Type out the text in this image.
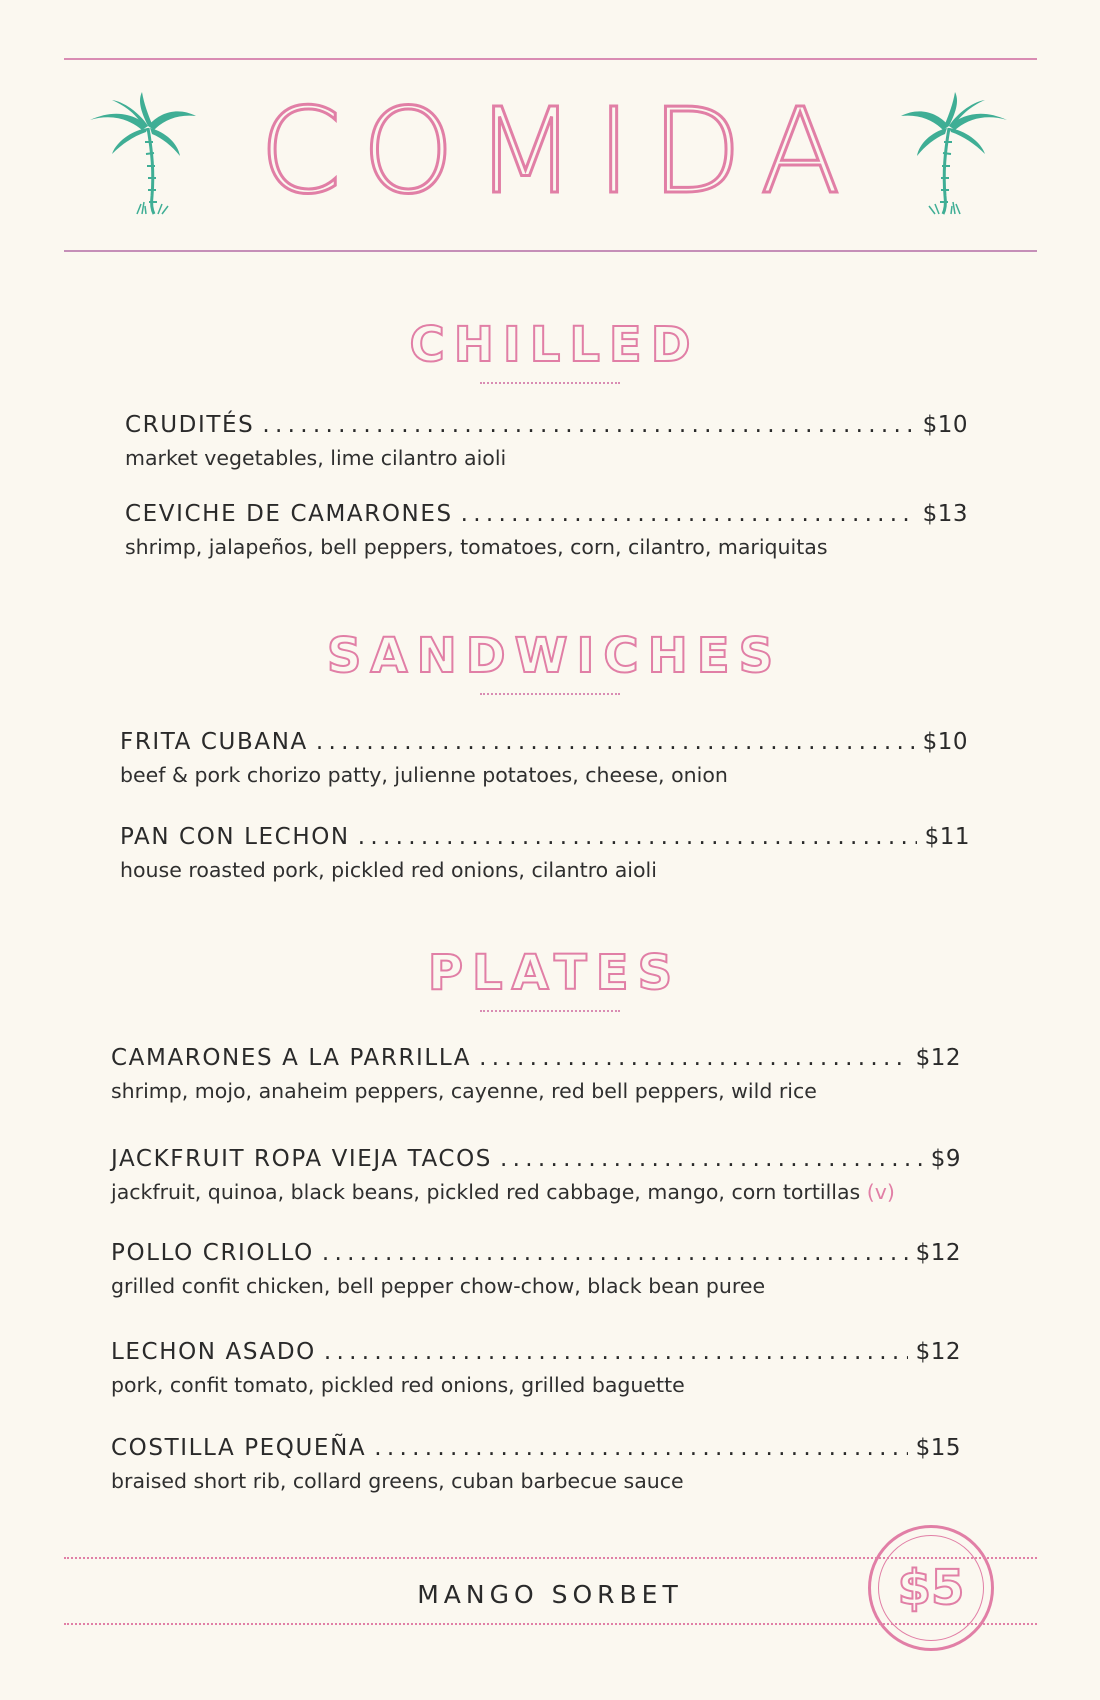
COMIDA
CHILLED
CRUDITÉS . . .	$10
market vegetables, lime cilantro aioli
CEVICHE DE CAMARONES . . .	$13
shrimp, jalapeños, bell peppers, tomatoes, corn, cilantro, mariquitas
SANDWICHES
FRITA CUBANA . . .	$10
beef & pork chorizo patty, julienne potatoes, cheese, onion
PAN CON LECHON . . .	$11
house roasted pork, pickled red onions, cilantro aioli
PLATES
CAMARONES A LA PARRILLA . . .	$12
shrimp, mojo, anaheim peppers, cayenne, red bell peppers, wild rice
JACKFRUIT ROPA VIEJA TACOS . . .	$9
jackfruit, quinoa, black beans, pickled red cabbage, mango, corn tortillas (v)
POLLO CRIOLLO . . .	$12
grilled confit chicken, bell pepper chow-chow, black bean puree
LECHON ASADO . . .	$12
pork, confit tomato, pickled red onions, grilled baguette
COSTILLA PEQUEÑA . . .	$15
braised short rib, collard greens, cuban barbecue sauce
MANGO SORBET	$5
